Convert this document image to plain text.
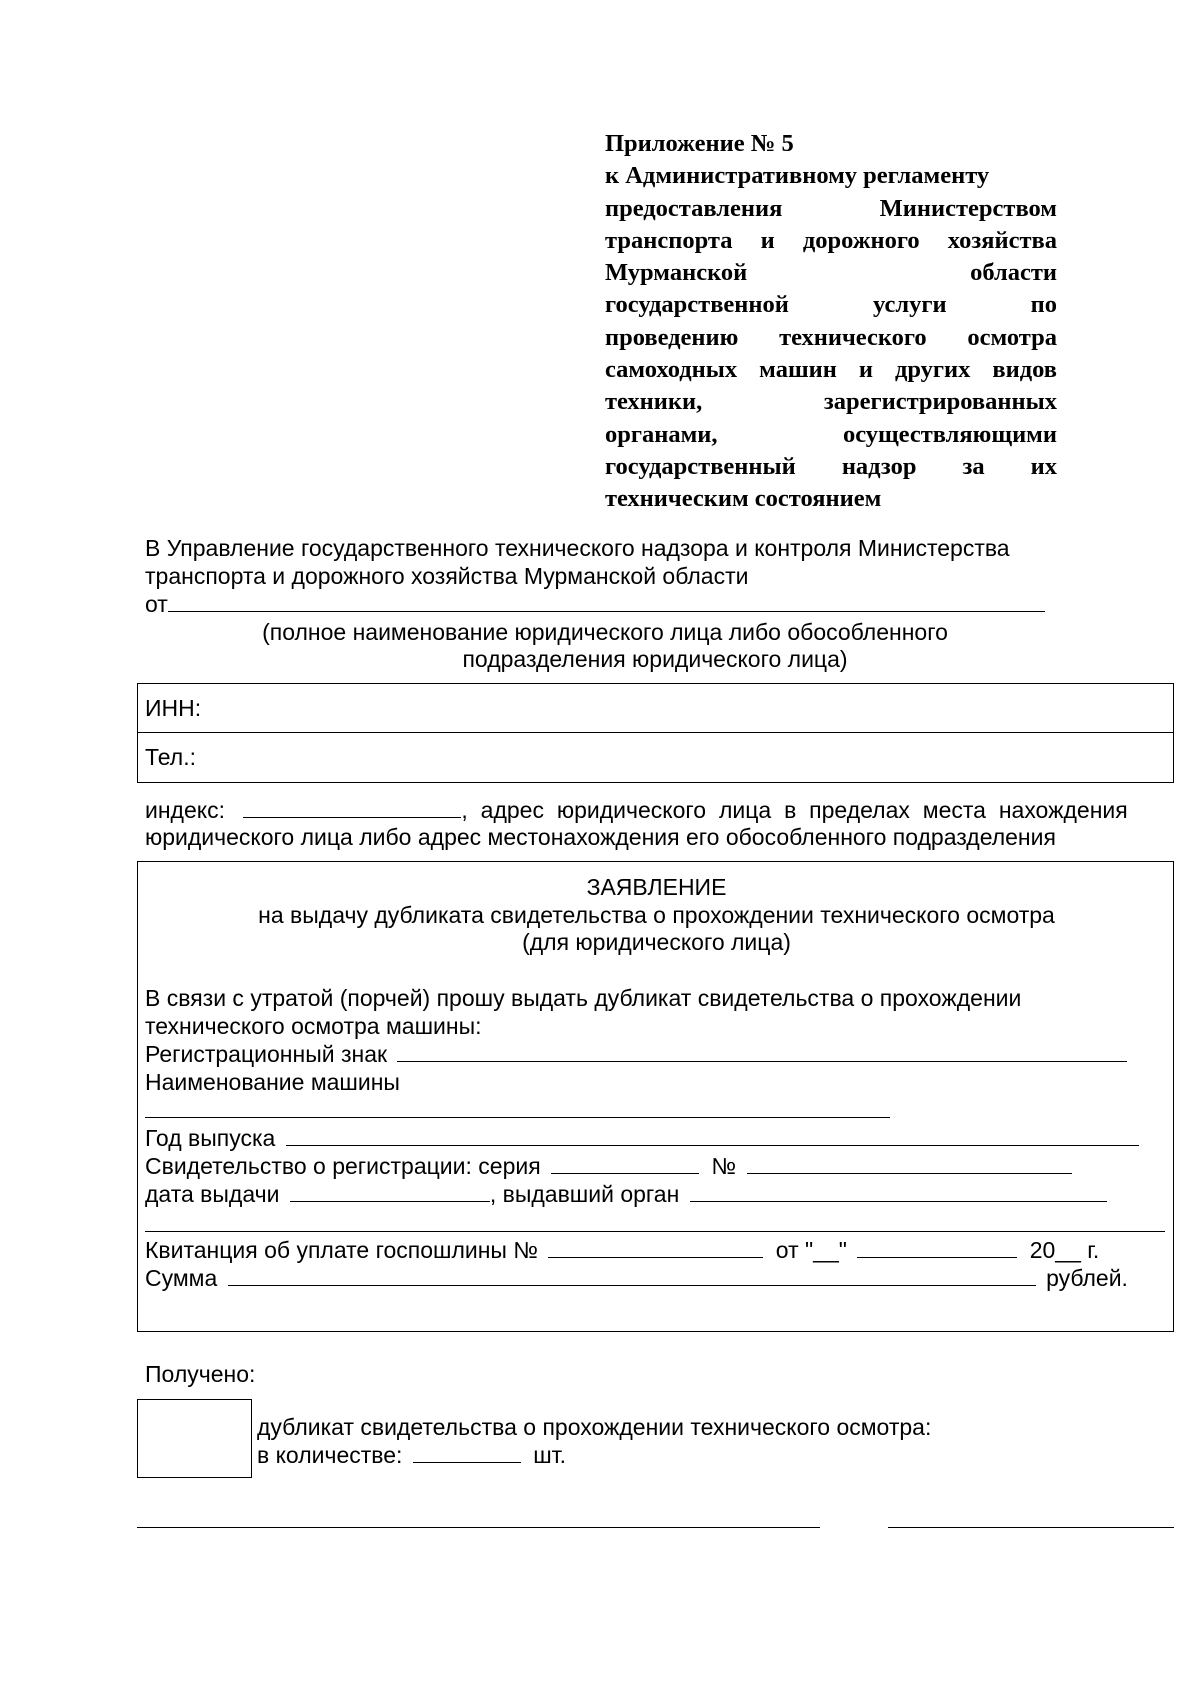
Приложение № 5
к Административному регламенту
предоставления Министерством
транспорта и дорожного хозяйства
Мурманской области
государственной услуги по
проведению технического осмотра
самоходных машин и других видов
техники, зарегистрированных
органами, осуществляющими
государственный надзор за их
техническим состоянием
В Управление государственного технического надзора и контроля Министерства
транспорта и дорожного хозяйства Мурманской области
от
(полное наименование юридического лица либо обособленного
подразделения юридического лица)
ИНН:
Тел.:
индекс:	, адрес юридического лица в пределах места нахождения
юридического лица либо адрес местонахождения его обособленного подразделения
ЗАЯВЛЕНИЕ
на выдачу дубликата свидетельства о прохождении технического осмотра
(для юридического лица)
В связи с утратой (порчей) прошу выдать дубликат свидетельства о прохождении
технического осмотра машины:
Регистрационный знак
Наименование машины
Год выпуска
Свидетельство о регистрации: серия	№
дата выдачи	, выдавший орган
Квитанция об уплате госпошлины №	от "__"	20__ г.
Сумма	рублей.
Получено:
дубликат свидетельства о прохождении технического осмотра:
в количестве:	шт.
